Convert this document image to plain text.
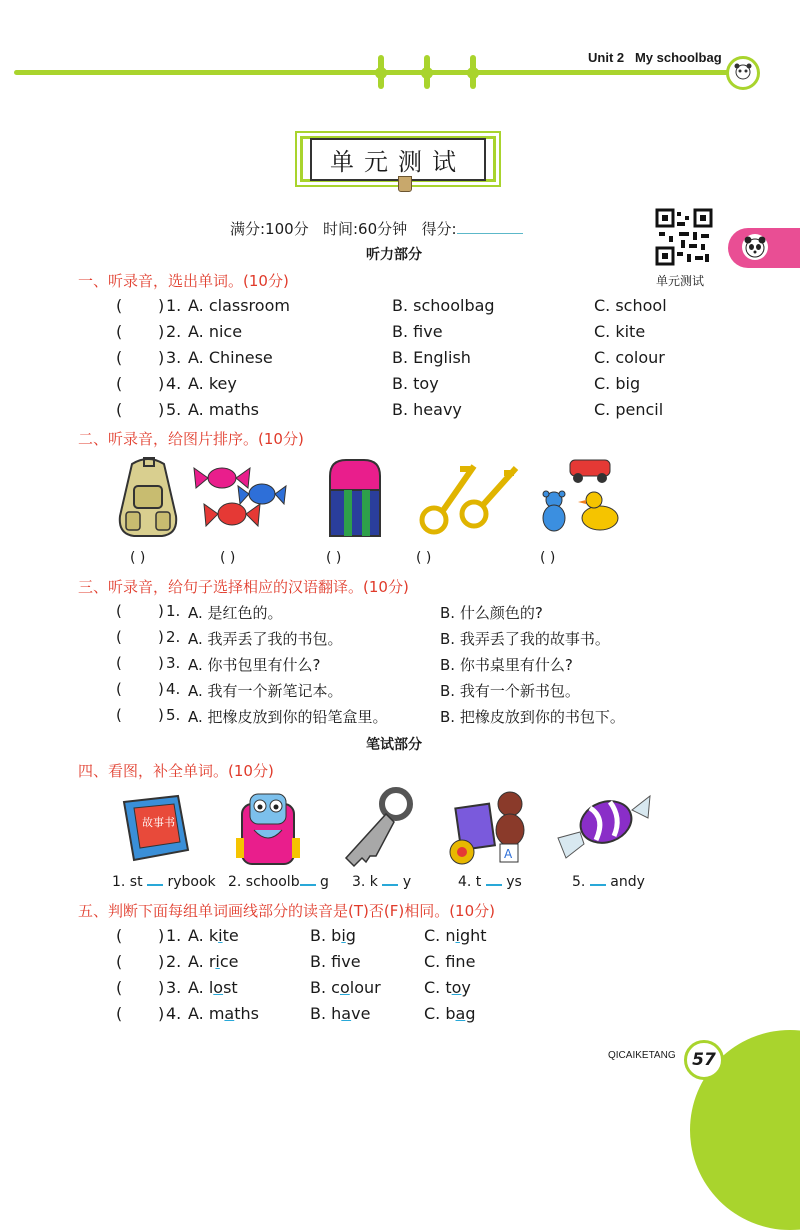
Unit 2 My schoolbag
单元测试
满分:100分 时间:60分钟 得分:
单元测试
听力部分
一、听录音，选出单词。(10分)
( ) 1. A. classroom	B. schoolbag	C. school
( ) 2. A. nice	B. five	C. kite
( ) 3. A. Chinese	B. English	C. colour
( ) 4. A. key	B. toy	C. big
( ) 5. A. maths	B. heavy	C. pencil
二、听录音，给图片排序。(10分)
( )	( )	( )	( )	( )
三、听录音，给句子选择相应的汉语翻译。(10分)
( ) 1. A. 是红色的。	B. 什么颜色的?
( ) 2. A. 我弄丢了我的书包。	B. 我弄丢了我的故事书。
( ) 3. A. 你书包里有什么?	B. 你书桌里有什么?
( ) 4. A. 我有一个新笔记本。	B. 我有一个新书包。
( ) 5. A. 把橡皮放到你的铅笔盒里。	B. 把橡皮放到你的书包下。
笔试部分
四、看图，补全单词。(10分)
故事书
A
1. st rybook 2. schoolb g 3. k y	4. t ys	5. andy
五、判断下面每组单词画线部分的读音是(T)否(F)相同。(10分)
( ) 1. A. kite	B. big	C. night
( ) 2. A. rice	B. fve	C. fne
( ) 3. A. lost	B. colour	C. toy
( ) 4. A. maths	B. have	C. bag
QICAIKETANG 57
